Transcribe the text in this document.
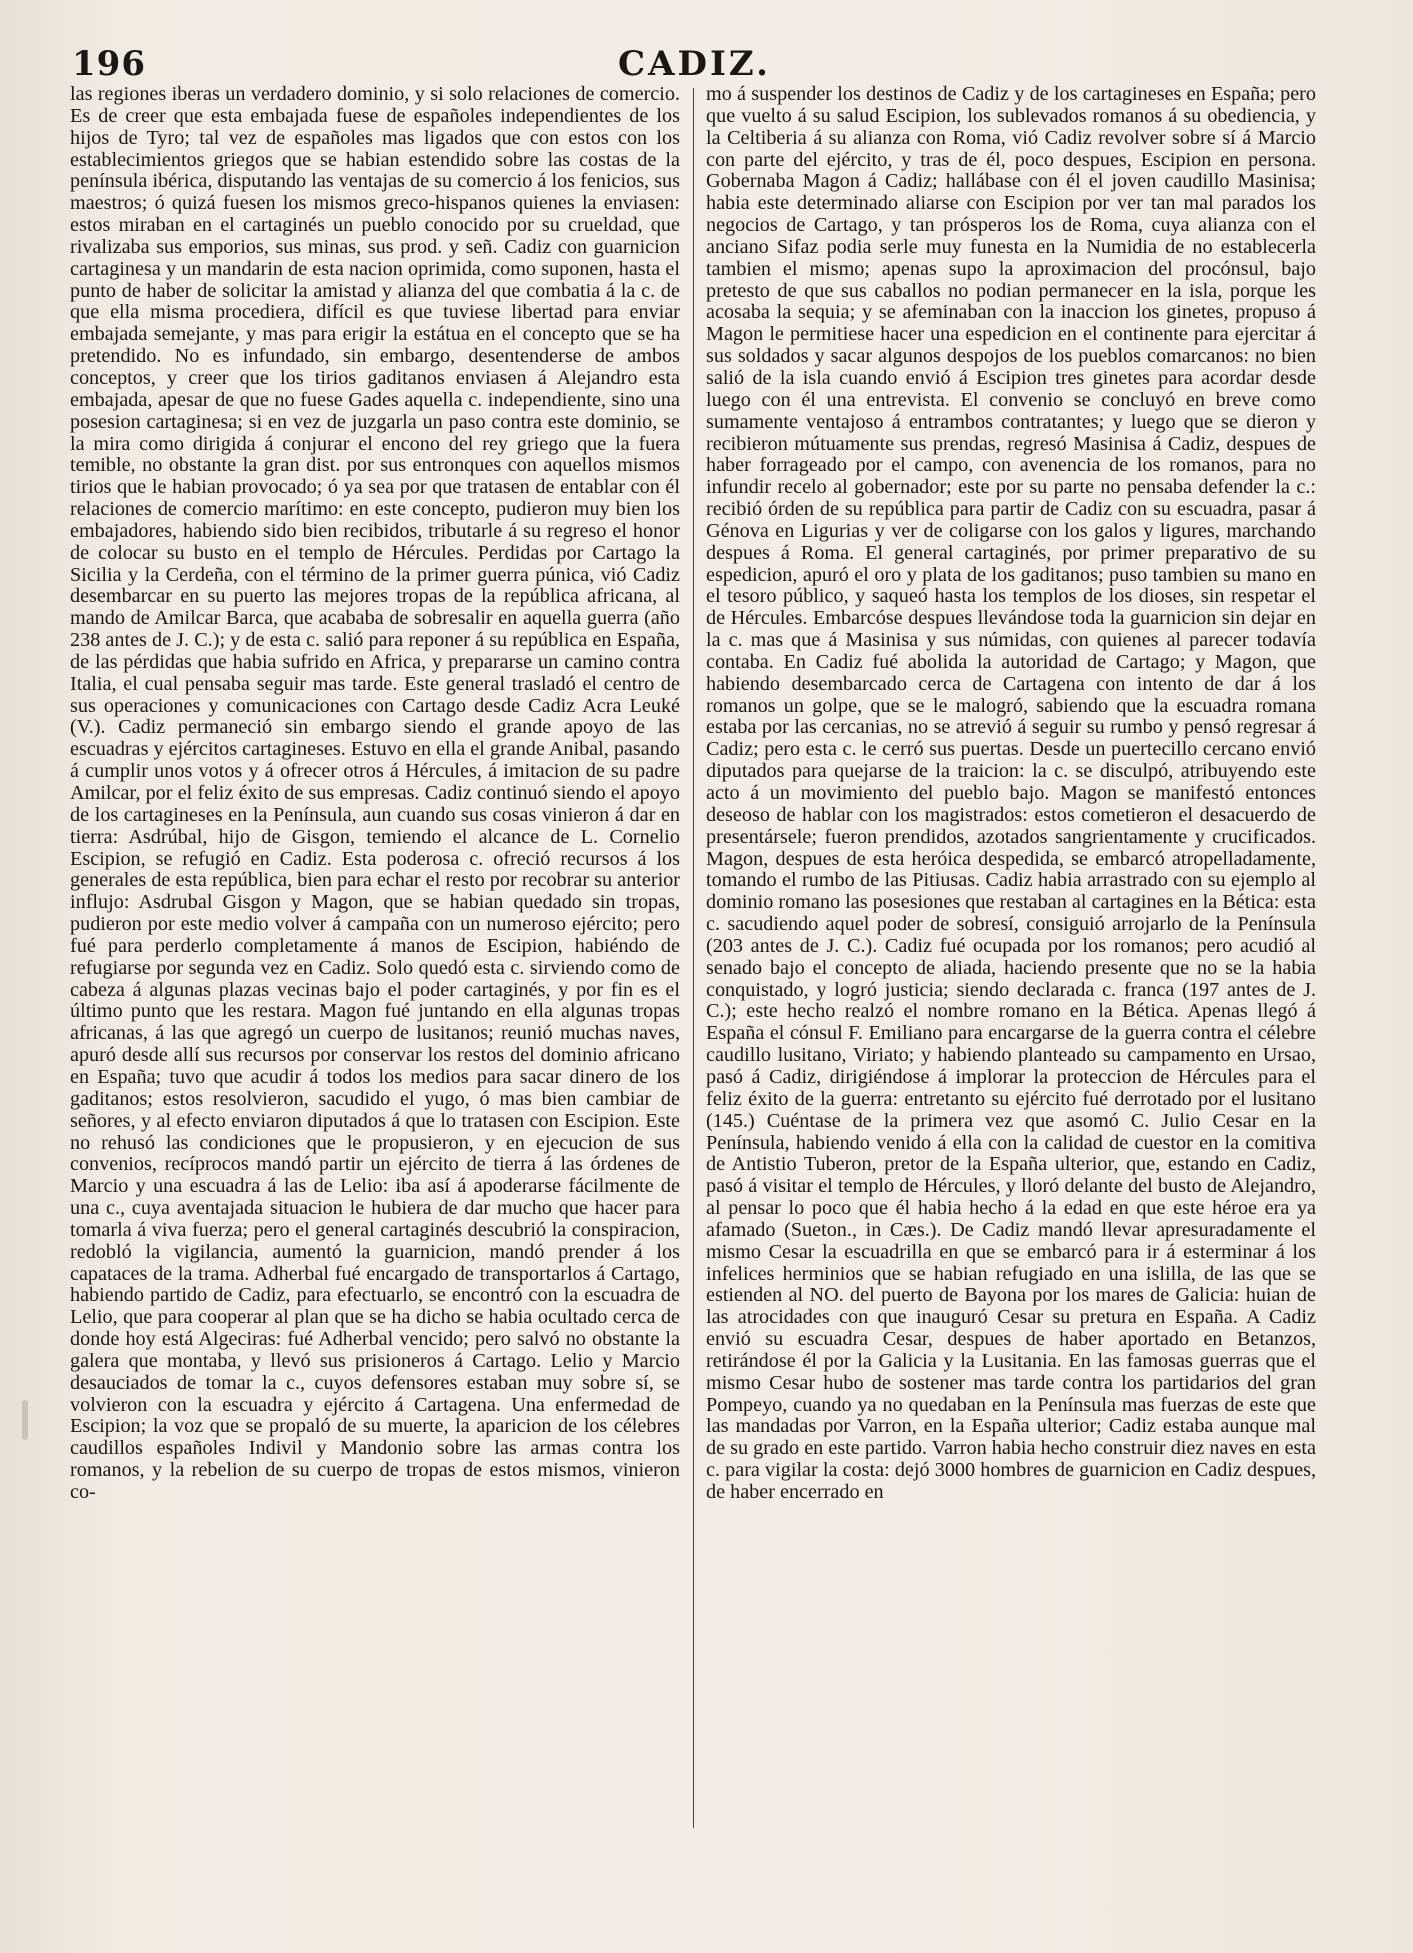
196	CADIZ.

las regiones iberas un verdadero dominio, y si solo relaciones de comercio. Es de creer que esta embajada fuese de españoles independientes de los hijos de Tyro; tal vez de españoles mas ligados que con estos con los establecimientos griegos que se habian estendido sobre las costas de la península ibérica, disputando las ventajas de su comercio á los fenicios, sus maestros; ó quizá fuesen los mismos greco-hispanos quienes la enviasen: estos miraban en el cartaginés un pueblo conocido por su crueldad, que rivalizaba sus emporios, sus minas, sus prod. y señ. Cadiz con guarnicion cartaginesa y un mandarin de esta nacion oprimida, como suponen, hasta el punto de haber de solicitar la amistad y alianza del que combatia á la c. de que ella misma procediera, difícil es que tuviese libertad para enviar embajada semejante, y mas para erigir la estátua en el concepto que se ha pretendido. No es infundado, sin embargo, desentenderse de ambos conceptos, y creer que los tirios gaditanos enviasen á Alejandro esta embajada, apesar de que no fuese Gades aquella c. independiente, sino una posesion cartaginesa; si en vez de juzgarla un paso contra este dominio, se la mira como dirigida á conjurar el encono del rey griego que la fuera temible, no obstante la gran dist. por sus entronques con aquellos mismos tirios que le habian provocado; ó ya sea por que tratasen de entablar con él relaciones de comercio marítimo: en este concepto, pudieron muy bien los embajadores, habiendo sido bien recibidos, tributarle á su regreso el honor de colocar su busto en el templo de Hércules. Perdidas por Cartago la Sicilia y la Cerdeña, con el término de la primer guerra púnica, vió Cadiz desembarcar en su puerto las mejores tropas de la república africana, al mando de Amilcar Barca, que acababa de sobresalir en aquella guerra (año 238 antes de J. C.); y de esta c. salió para reponer á su república en España, de las pérdidas que habia sufrido en Africa, y prepararse un camino contra Italia, el cual pensaba seguir mas tarde. Este general trasladó el centro de sus operaciones y comunicaciones con Cartago desde Cadiz Acra Leuké (V.). Cadiz permaneció sin embargo siendo el grande apoyo de las escuadras y ejércitos cartagineses. Estuvo en ella el grande Anibal, pasando á cumplir unos votos y á ofrecer otros á Hércules, á imitacion de su padre Amilcar, por el feliz éxito de sus empresas. Cadiz continuó siendo el apoyo de los cartagineses en la Península, aun cuando sus cosas vinieron á dar en tierra: Asdrúbal, hijo de Gisgon, temiendo el alcance de L. Cornelio Escipion, se refugió en Cadiz. Esta poderosa c. ofreció recursos á los generales de esta república, bien para echar el resto por recobrar su anterior influjo: Asdrubal Gisgon y Magon, que se habian quedado sin tropas, pudieron por este medio volver á campaña con un numeroso ejército; pero fué para perderlo completamente á manos de Escipion, habiéndo de refugiarse por segunda vez en Cadiz. Solo quedó esta c. sirviendo como de cabeza á algunas plazas vecinas bajo el poder cartaginés, y por fin es el último punto que les restara. Magon fué juntando en ella algunas tropas africanas, á las que agregó un cuerpo de lusitanos; reunió muchas naves, apuró desde allí sus recursos por conservar los restos del dominio africano en España; tuvo que acudir á todos los medios para sacar dinero de los gaditanos; estos resolvieron, sacudido el yugo, ó mas bien cambiar de señores, y al efecto enviaron diputados á que lo tratasen con Escipion. Este no rehusó las condiciones que le propusieron, y en ejecucion de sus convenios, recíprocos mandó partir un ejército de tierra á las órdenes de Marcio y una escuadra á las de Lelio: iba así á apoderarse fácilmente de una c., cuya aventajada situacion le hubiera de dar mucho que hacer para tomarla á viva fuerza; pero el general cartaginés descubrió la conspiracion, redobló la vigilancia, aumentó la guarnicion, mandó prender á los capataces de la trama. Adherbal fué encargado de transportarlos á Cartago, habiendo partido de Cadiz, para efectuarlo, se encontró con la escuadra de Lelio, que para cooperar al plan que se ha dicho se habia ocultado cerca de donde hoy está Algeciras: fué Adherbal vencido; pero salvó no obstante la galera que montaba, y llevó sus prisioneros á Cartago. Lelio y Marcio desauciados de tomar la c., cuyos defensores estaban muy sobre sí, se volvieron con la escuadra y ejército á Cartagena. Una enfermedad de Escipion; la voz que se propaló de su muerte, la aparicion de los célebres caudillos españoles Indivil y Mandonio sobre las armas contra los romanos, y la rebelion de su cuerpo de tropas de estos mismos, vinieron co-

mo á suspender los destinos de Cadiz y de los cartagineses en España; pero que vuelto á su salud Escipion, los sublevados romanos á su obediencia, y la Celtiberia á su alianza con Roma, vió Cadiz revolver sobre sí á Marcio con parte del ejército, y tras de él, poco despues, Escipion en persona. Gobernaba Magon á Cadiz; hallábase con él el joven caudillo Masinisa; habia este determinado aliarse con Escipion por ver tan mal parados los negocios de Cartago, y tan prósperos los de Roma, cuya alianza con el anciano Sifaz podia serle muy funesta en la Numidia de no establecerla tambien el mismo; apenas supo la aproximacion del procónsul, bajo pretesto de que sus caballos no podian permanecer en la isla, porque les acosaba la sequia; y se afeminaban con la inaccion los ginetes, propuso á Magon le permitiese hacer una espedicion en el continente para ejercitar á sus soldados y sacar algunos despojos de los pueblos comarcanos: no bien salió de la isla cuando envió á Escipion tres ginetes para acordar desde luego con él una entrevista. El convenio se concluyó en breve como sumamente ventajoso á entrambos contratantes; y luego que se dieron y recibieron mútuamente sus prendas, regresó Masinisa á Cadiz, despues de haber forrageado por el campo, con avenencia de los romanos, para no infundir recelo al gobernador; este por su parte no pensaba defender la c.: recibió órden de su república para partir de Cadiz con su escuadra, pasar á Génova en Ligurias y ver de coligarse con los galos y ligures, marchando despues á Roma. El general cartaginés, por primer preparativo de su espedicion, apuró el oro y plata de los gaditanos; puso tambien su mano en el tesoro público, y saqueó hasta los templos de los dioses, sin respetar el de Hércules. Embarcóse despues llevándose toda la guarnicion sin dejar en la c. mas que á Masinisa y sus númidas, con quienes al parecer todavía contaba. En Cadiz fué abolida la autoridad de Cartago; y Magon, que habiendo desembarcado cerca de Cartagena con intento de dar á los romanos un golpe, que se le malogró, sabiendo que la escuadra romana estaba por las cercanias, no se atrevió á seguir su rumbo y pensó regresar á Cadiz; pero esta c. le cerró sus puertas. Desde un puertecillo cercano envió diputados para quejarse de la traicion: la c. se disculpó, atribuyendo este acto á un movimiento del pueblo bajo. Magon se manifestó entonces deseoso de hablar con los magistrados: estos cometieron el desacuerdo de presentársele; fueron prendidos, azotados sangrientamente y crucificados. Magon, despues de esta heróica despedida, se embarcó atropelladamente, tomando el rumbo de las Pitiusas. Cadiz habia arrastrado con su ejemplo al dominio romano las posesiones que restaban al cartagines en la Bética: esta c. sacudiendo aquel poder de sobresí, consiguió arrojarlo de la Península (203 antes de J. C.). Cadiz fué ocupada por los romanos; pero acudió al senado bajo el concepto de aliada, haciendo presente que no se la habia conquistado, y logró justicia; siendo declarada c. franca (197 antes de J. C.); este hecho realzó el nombre romano en la Bética. Apenas llegó á España el cónsul F. Emiliano para encargarse de la guerra contra el célebre caudillo lusitano, Viriato; y habiendo planteado su campamento en Ursao, pasó á Cadiz, dirigiéndose á implorar la proteccion de Hércules para el feliz éxito de la guerra: entretanto su ejército fué derrotado por el lusitano (145.) Cuéntase de la primera vez que asomó C. Julio Cesar en la Península, habiendo venido á ella con la calidad de cuestor en la comitiva de Antistio Tuberon, pretor de la España ulterior, que, estando en Cadiz, pasó á visitar el templo de Hércules, y lloró delante del busto de Alejandro, al pensar lo poco que él habia hecho á la edad en que este héroe era ya afamado (Sueton., in Cæs.). De Cadiz mandó llevar apresuradamente el mismo Cesar la escuadrilla en que se embarcó para ir á esterminar á los infelices herminios que se habian refugiado en una islilla, de las que se estienden al NO. del puerto de Bayona por los mares de Galicia: huian de las atrocidades con que inauguró Cesar su pretura en España. A Cadiz envió su escuadra Cesar, despues de haber aportado en Betanzos, retirándose él por la Galicia y la Lusitania. En las famosas guerras que el mismo Cesar hubo de sostener mas tarde contra los partidarios del gran Pompeyo, cuando ya no quedaban en la Península mas fuerzas de este que las mandadas por Varron, en la España ulterior; Cadiz estaba aunque mal de su grado en este partido. Varron habia hecho construir diez naves en esta c. para vigilar la costa: dejó 3000 hombres de guarnicion en Cadiz despues, de haber encerrado en
